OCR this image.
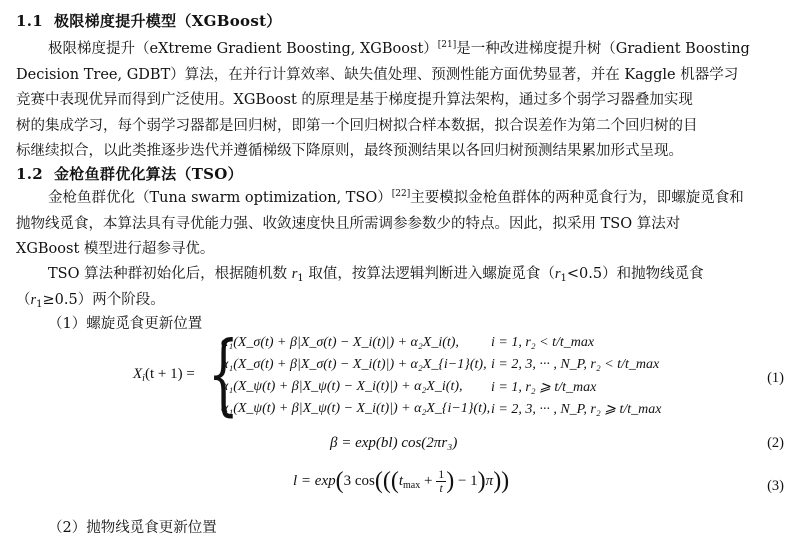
1.1 极限梯度提升模型（XGBoost）
极限梯度提升（eXtreme Gradient Boosting, XGBoost）[21]是一种改进梯度提升树（Gradient Boosting
Decision Tree, GDBT）算法，在并行计算效率、缺失值处理、预测性能方面优势显著，并在 Kaggle 机器学习
竞赛中表现优异而得到广泛使用。XGBoost 的原理是基于梯度提升算法架构，通过多个弱学习器叠加实现
树的集成学习，每个弱学习器都是回归树，即第一个回归树拟合样本数据，拟合误差作为第二个回归树的目
标继续拟合，以此类推逐步迭代并遵循梯级下降原则，最终预测结果以各回归树预测结果累加形式呈现。
1.2 金枪鱼群优化算法（TSO）
金枪鱼群优化（Tuna swarm optimization, TSO）[22]主要模拟金枪鱼群体的两种觅食行为，即螺旋觅食和
抛物线觅食，本算法具有寻优能力强、收敛速度快且所需调参参数少的特点。因此，拟采用 TSO 算法对
XGBoost 模型进行超参寻优。
TSO 算法种群初始化后，根据随机数 $r_1$ 取值，按算法逻辑判断进入螺旋觅食$(r_1<0.5)$和抛物线觅食
$(r_1\ge 0.5)$两个阶段。
（1）螺旋觅食更新位置
$X_i(t + 1)$ = {
α₁(X_σ(t) + β|X_σ(t) − X_i(t)|) + α₂X_i(t), i = 1, r₂ < t/t_max
α₁(X_σ(t) + β|X_σ(t) − X_i(t)|) + α₂X_{i−1}(t), i = 2, 3, ··· , N_P, r₂ < t/t_max
α₁(X_ψ(t) + β|X_ψ(t) − X_i(t)|) + α₂X_i(t), i = 1, r₂ ⩾ t/t_max
α₁(X_ψ(t) + β|X_ψ(t) − X_i(t)|) + α₂X_{i−1}(t), i = 2, 3, ··· , N_P, r₂ ⩾ t/t_max
(1)
β = exp(bl) cos(2πr₃)	(2)
l = exp(3 $\cos(((t_{max} + \frac{1}{t}$ ) − 1)π))	(3)
（2）抛物线觅食更新位置
